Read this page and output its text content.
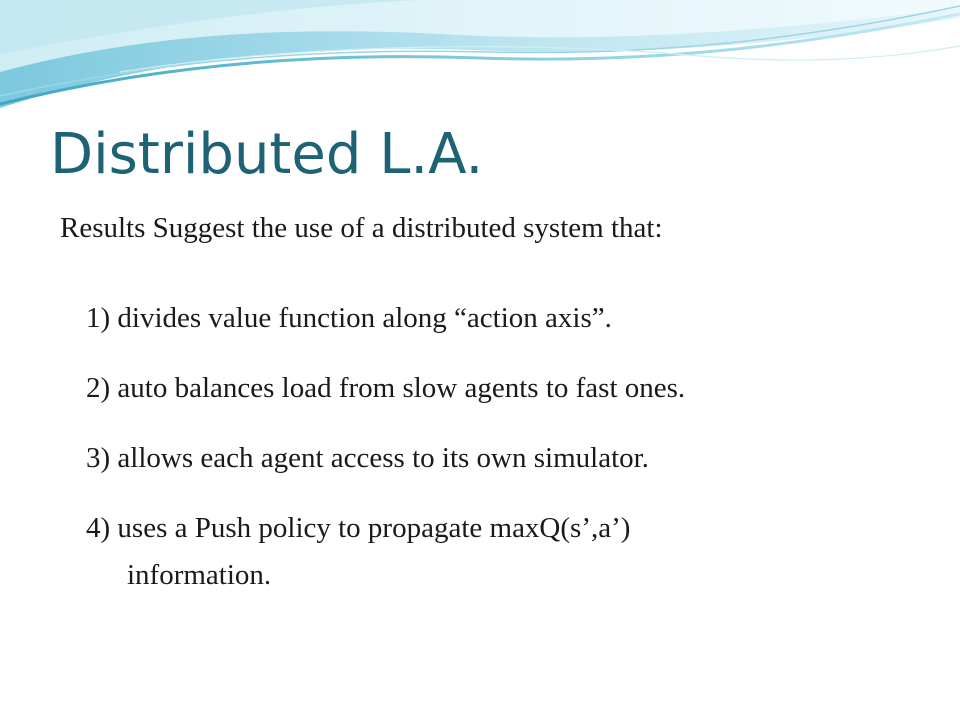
Distributed L.A.

Results Suggest the use of a distributed system that:

1) divides value function along “action axis”.

2) auto balances load from slow agents to fast ones.

3) allows each agent access to its own simulator.

4) uses a Push policy to propagate maxQ(s’,a’)

information.
